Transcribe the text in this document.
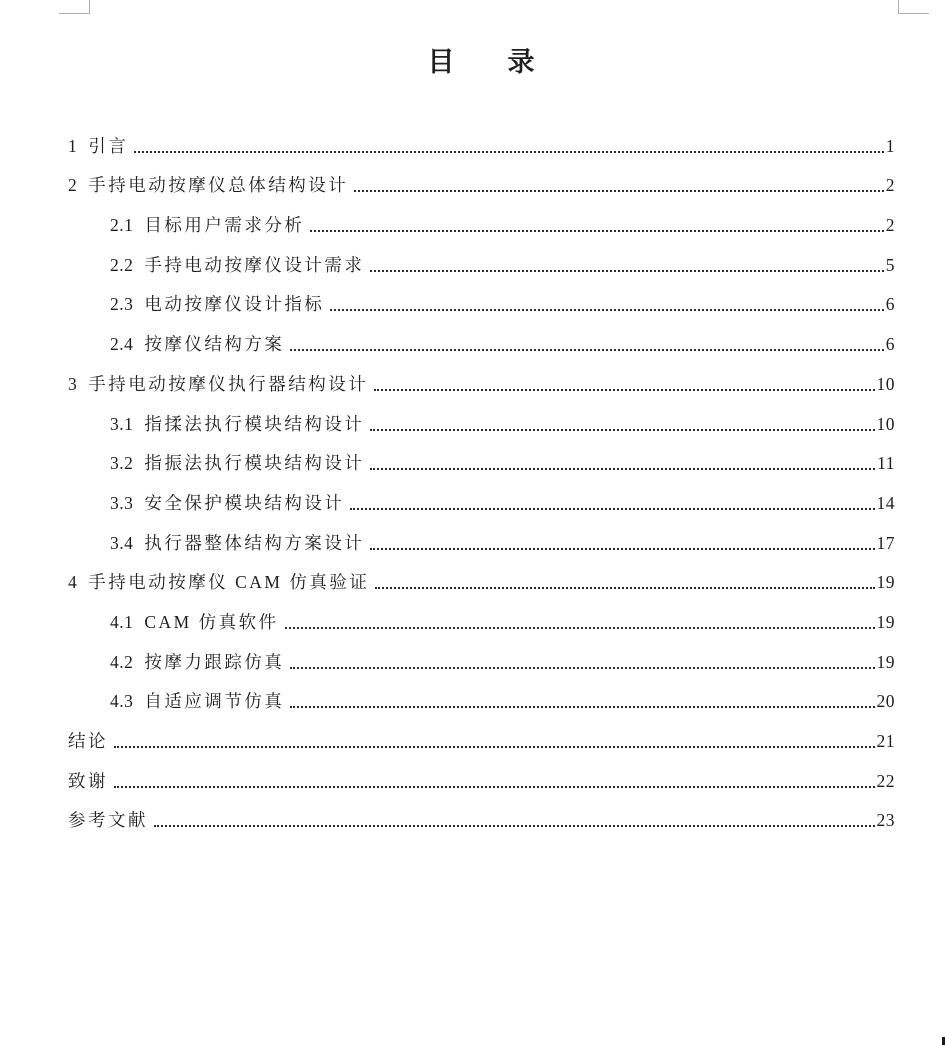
目 录
1 引言	1
2 手持电动按摩仪总体结构设计	2
2.1 目标用户需求分析	2
2.2 手持电动按摩仪设计需求	5
2.3 电动按摩仪设计指标	6
2.4 按摩仪结构方案	6
3 手持电动按摩仪执行器结构设计	10
3.1 指揉法执行模块结构设计	10
3.2 指振法执行模块结构设计	11
3.3 安全保护模块结构设计	14
3.4 执行器整体结构方案设计	17
4 手持电动按摩仪 CAM 仿真验证	19
4.1 CAM 仿真软件	19
4.2 按摩力跟踪仿真	19
4.3 自适应调节仿真	20
结论	21
致谢	22
参考文献	23
